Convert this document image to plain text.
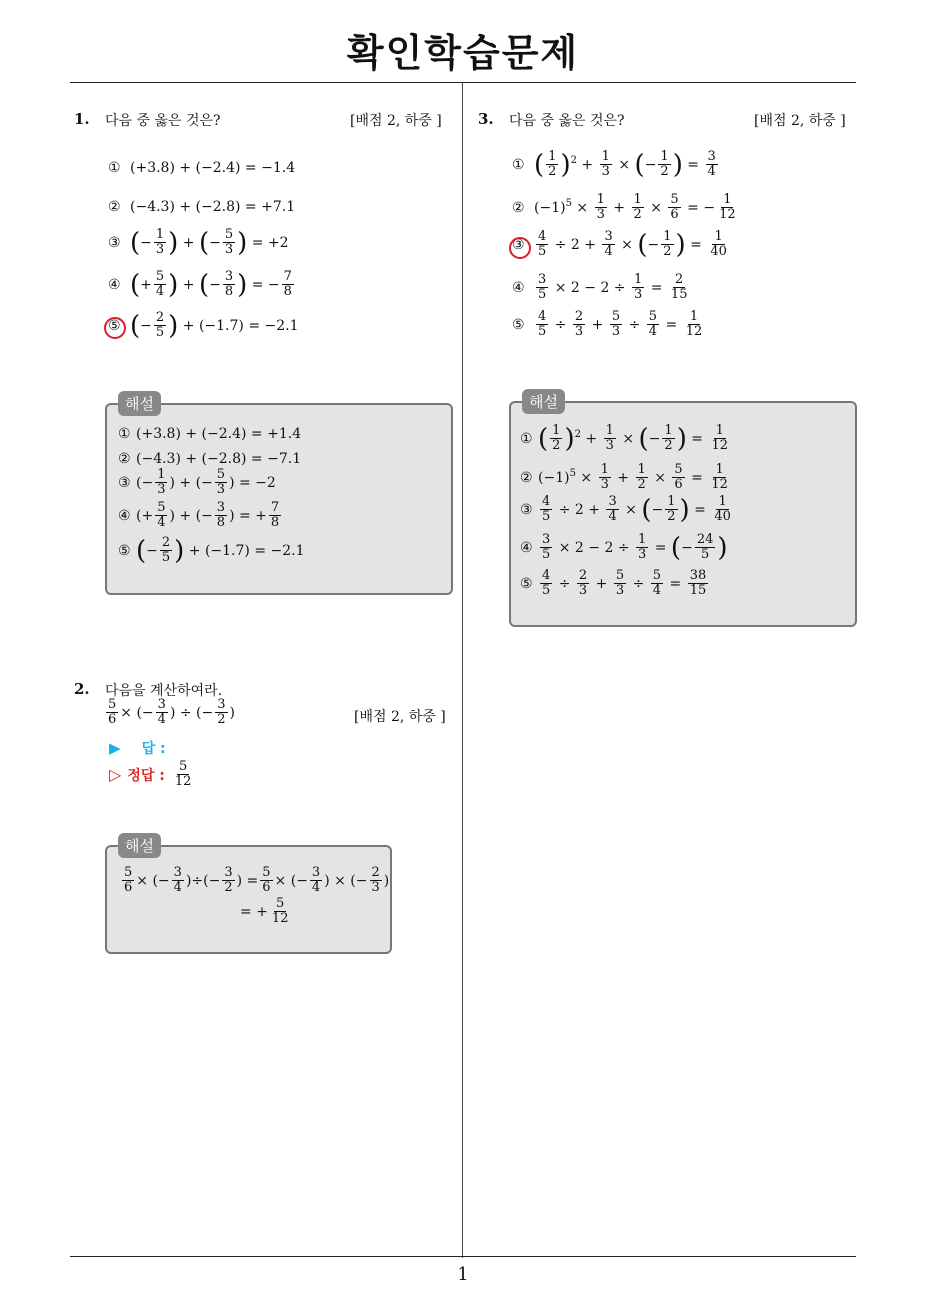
확인학습문제
1. 다음 중 옳은 것은?	[배점 2, 하중 ]
① (+3.8) + (−2.4) = −1.4
② (−4.3) + (−2.8) = +7.1
③ (− $\frac{1}{3}$ ) + (− $\frac{5}{3}$ ) = +2
④ (+ $\frac{5}{4}$ ) + (− $\frac{3}{8}$ ) = − $\frac{7}{8}$
⑤ (− $\frac{2}{5}$ ) + (−1.7) = −2.1
해설
① (+3.8) + (−2.4) = +1.4
② (−4.3) + (−2.8) = −7.1
③ (− $\frac{1}{3}$ ) + (− $\frac{5}{3}$ ) = −2
④ (+ $\frac{5}{4}$ ) + (− $\frac{3}{8}$ ) = + $\frac{7}{8}$
⑤ (− $\frac{2}{5}$ ) + (−1.7) = −2.1
2. 다음을 계산하여라.
$\frac{5}{6}$ × (− $\frac{3}{4}$ ) ÷ (− $\frac{3}{2}$ )	[배점 2, 하중 ]
▶ 답 :
▷ 정답 : $\frac{5}{12}$
해설
$\frac{5}{6}$ × (− $\frac{3}{4}$ )÷(− $\frac{3}{2}$ ) = $\frac{5}{6}$ × (− $\frac{3}{4}$ ) × (− $\frac{2}{3}$ )
= + $\frac{5}{12}$
3. 다음 중 옳은 것은?	[배점 2, 하중 ]
① ( $\frac{1}{2} )^2 + \frac{1}{3}$ × (− $\frac{1}{2}$ ) = $\frac{3}{4}$
② $(-1)^5 \times \frac{1}{3} + \frac{1}{2} \times \frac{5}{6}$ = − $\frac{1}{12}$
③ $\frac{4}{5} \div 2 + \frac{3}{4}$ × (− $\frac{1}{2}$ ) = $\frac{1}{40}$
④ $\frac{3}{5} \times 2 - 2 \div \frac{1}{3} = \frac{2}{15}$
⑤ $\frac{4}{5} \div \frac{2}{3} + \frac{5}{3} \div \frac{5}{4} = \frac{1}{12}$
해설
① ( $\frac{1}{2} )^2 + \frac{1}{3}$ × (− $\frac{1}{2}$ ) = $\frac{1}{12}$
② $(-1)^5 \times \frac{1}{3} + \frac{1}{2} \times \frac{5}{6} = \frac{1}{12}$
③ $\frac{4}{5} \div 2 + \frac{3}{4}$ × (− $\frac{1}{2}$ ) = $\frac{1}{40}$
④ $\frac{3}{5} \times 2 - 2 \div \frac{1}{3}$ = (− $\frac{24}{5}$ )
⑤ $\frac{4}{5} \div \frac{2}{3} + \frac{5}{3} \div \frac{5}{4} = \frac{38}{15}$
1
